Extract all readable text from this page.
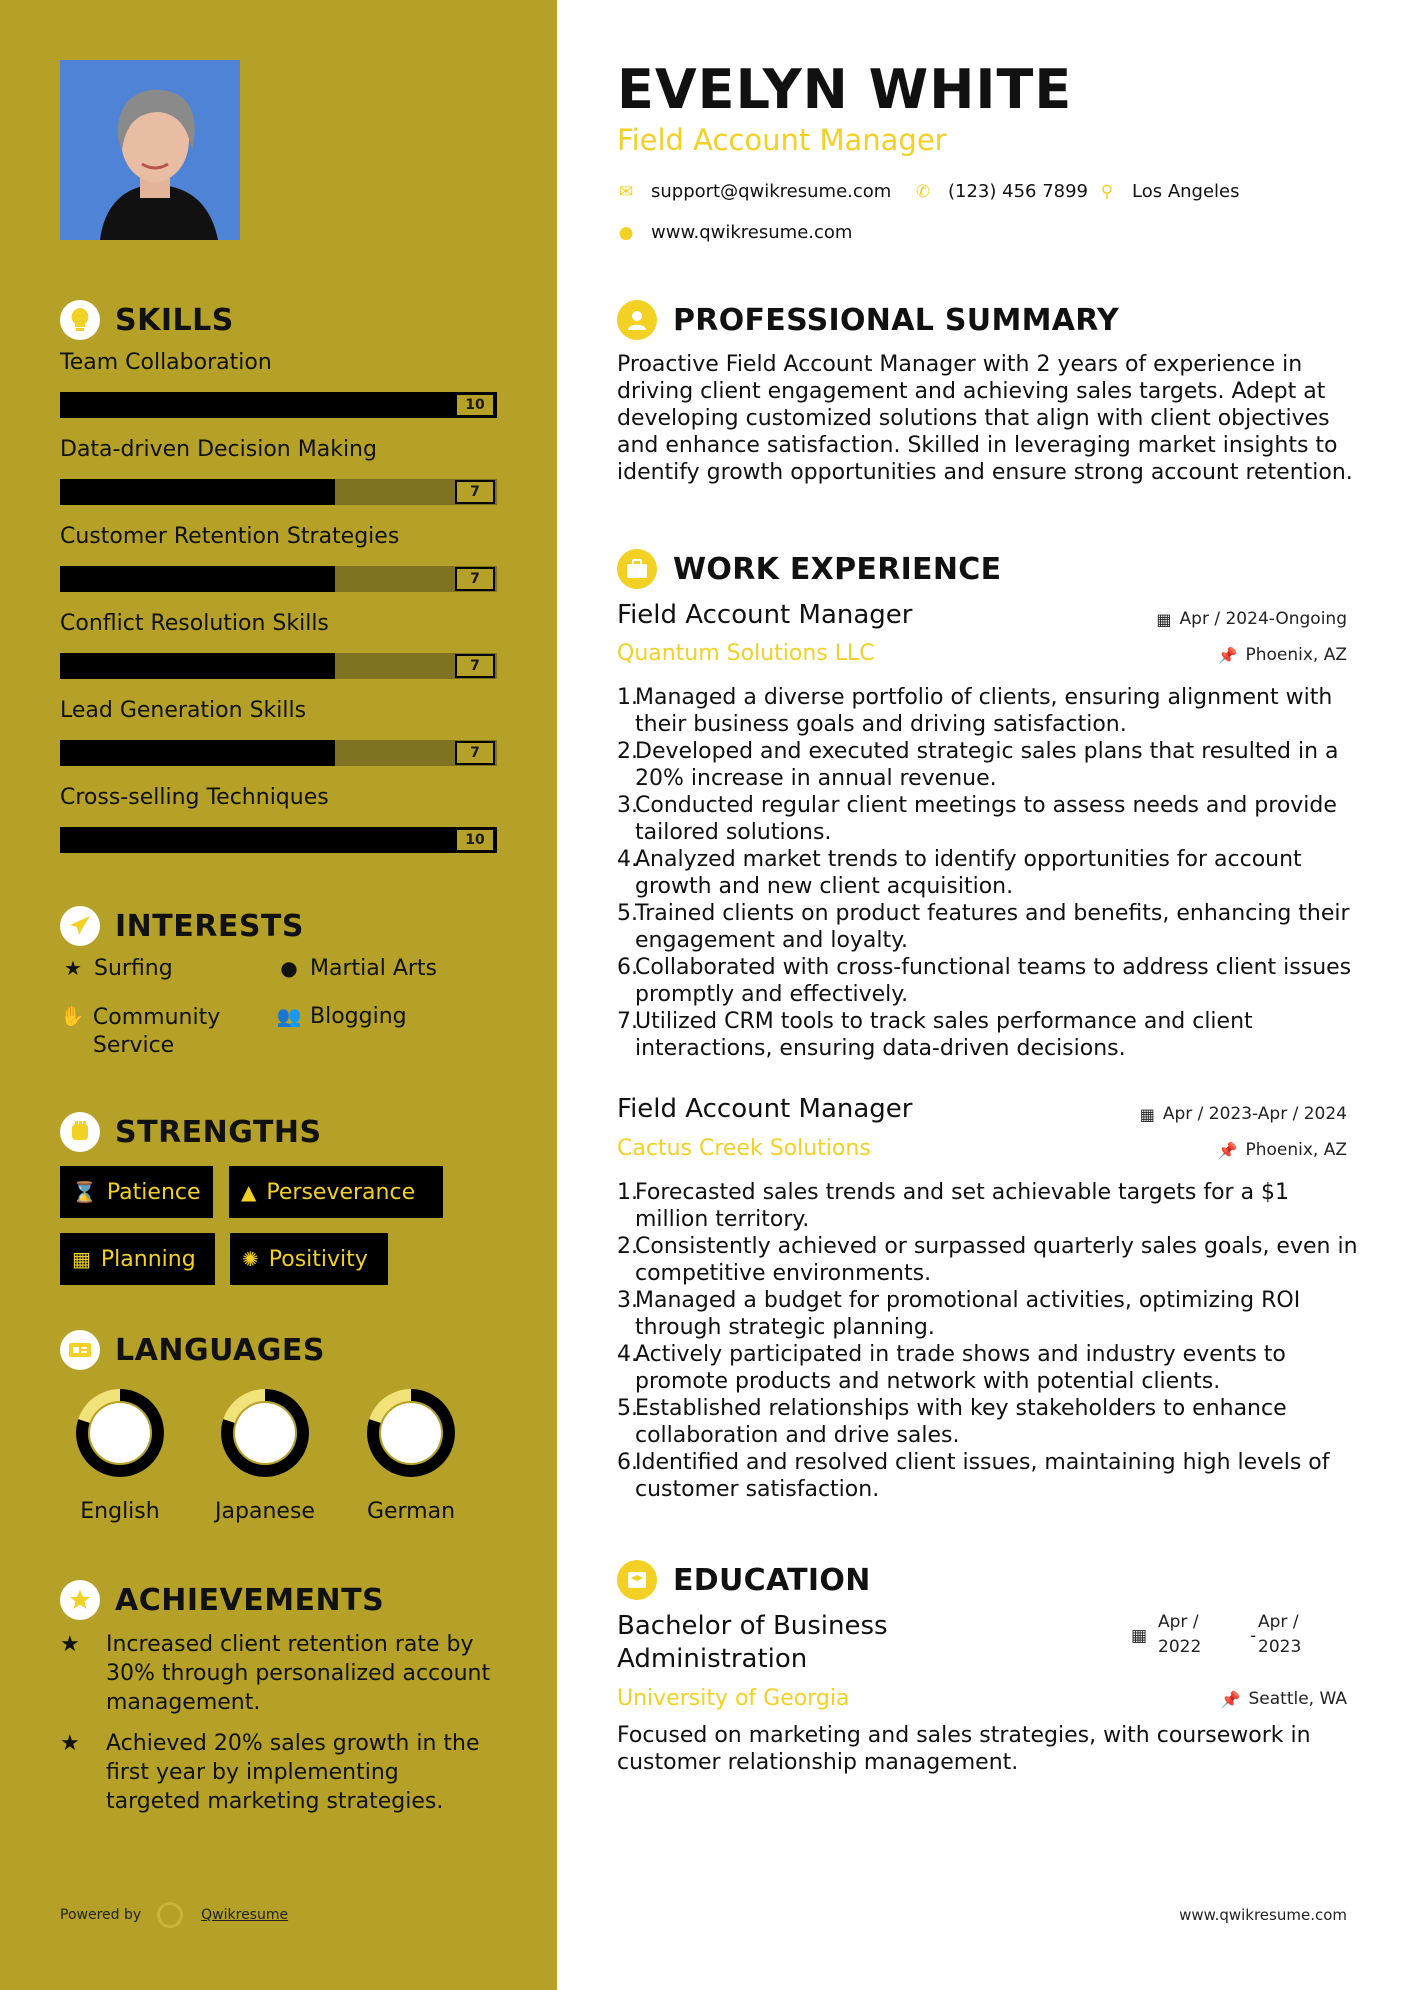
SKILLS
Team Collaboration
10
Data-driven Decision Making
7
Customer Retention Strategies
7
Conflict Resolution Skills
7
Lead Generation Skills
7
Cross-selling Techniques
10
INTERESTS
★ Surfing	● Martial Arts
✋ Community Service
👥 Blogging
STRENGTHS
⌛ Patience ▲ Perseverance
▦ Planning ✺ Positivity
LANGUAGES
English	Japanese	German
ACHIEVEMENTS
★	Increased client retention rate by 30% through personalized account management.
★	Achieved 20% sales growth in the first year by implementing targeted marketing strategies.
Powered by	Qwikresume
EVELYN WHITE
Field Account Manager
✉ support@qwikresume.com ✆ (123) 456 7899 ⚲ Los Angeles
● www.qwikresume.com
PROFESSIONAL SUMMARY
Proactive Field Account Manager with 2 years of experience in driving client engagement and achieving sales targets. Adept at developing customized solutions that align with client objectives and enhance satisfaction. Skilled in leveraging market insights to identify growth opportunities and ensure strong account retention.
WORK EXPERIENCE
Field Account Manager	▦ Apr / 2024-Ongoing
Quantum Solutions LLC	📌 Phoenix, AZ
Managed a diverse portfolio of clients, ensuring alignment with their business goals and driving satisfaction.
Developed and executed strategic sales plans that resulted in a 20% increase in annual revenue.
Conducted regular client meetings to assess needs and provide tailored solutions.
Analyzed market trends to identify opportunities for account growth and new client acquisition.
Trained clients on product features and benefits, enhancing their engagement and loyalty.
Collaborated with cross-functional teams to address client issues promptly and effectively.
Utilized CRM tools to track sales performance and client interactions, ensuring data-driven decisions.
Field Account Manager	▦ Apr / 2023-Apr / 2024
Cactus Creek Solutions	📌 Phoenix, AZ
Forecasted sales trends and set achievable targets for a $1 million territory.
Consistently achieved or surpassed quarterly sales goals, even in competitive environments.
Managed a budget for promotional activities, optimizing ROI through strategic planning.
Actively participated in trade shows and industry events to promote products and network with potential clients.
Established relationships with key stakeholders to enhance collaboration and drive sales.
Identified and resolved client issues, maintaining high levels of customer satisfaction.
EDUCATION
Bachelor of Business Administration
▦
Apr / 2022
-
Apr / 2023
University of Georgia	📌 Seattle, WA
Focused on marketing and sales strategies, with coursework in customer relationship management.
www.qwikresume.com
